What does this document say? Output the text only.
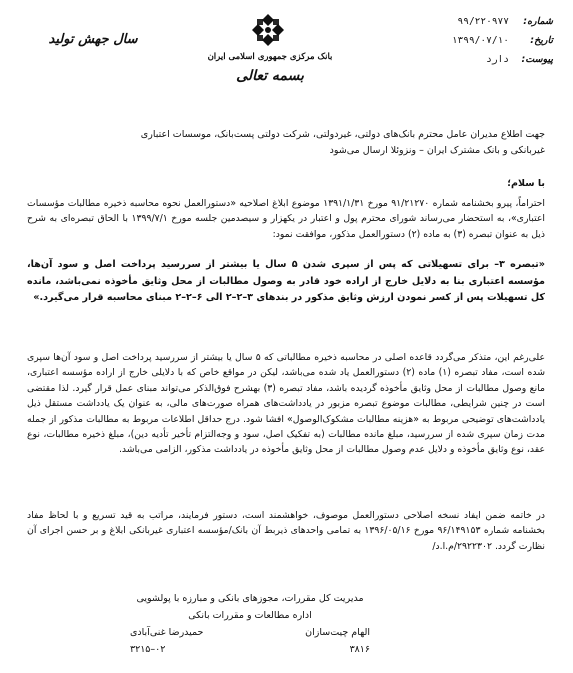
شماره:
۹۹/۲۲۰۹۷۷
تاریخ:
۱۳۹۹/۰۷/۱۰
پیوست:
دارد
بانک مرکزی جمهوری اسلامی ایران
بسمه تعالی
سال جهش تولید
جهت اطلاع مدیران عامل محترم بانک‌های دولتی، غیردولتی، شرکت دولتی پست‌بانک، موسسات اعتباری
غیربانکی و بانک مشترک ایران – ونزوئلا ارسال می‌شود
با سلام؛
احتراماً، پیرو بخشنامه شماره ۹۱/۲۱۲۷۰ مورخ ۱۳۹۱/۱/۳۱ موضوع ابلاغ اصلاحیه «دستورالعمل نحوه محاسبه ذخیره مطالبات مؤسسات اعتباری»، به استحضار می‌رساند شورای محترم پول و اعتبار در یکهزار و سیصدمین جلسه مورخ ۱۳۹۹/۷/۱ با الحاق تبصره‌ای به شرح ذیل به عنوان تبصره (۳) به ماده (۲) دستورالعمل مذکور، موافقت نمود:
«تبصره ۳– برای تسهیلاتی که پس از سپری شدن ۵ سال یا بیشتر از سررسید پرداخت اصل و سود آن‌ها، مؤسسه اعتباری بنا به دلایل خارج از اراده خود قادر به وصول مطالبات از محل وثایق مأخوذه نمی‌باشد، مانده کل تسهیلات پس از کسر نمودن ارزش وثایق مذکور در بندهای ۳–۲–۲ الی ۶–۲–۲ مبنای محاسبه قرار می‌گیرد.»
علی‌رغم این، متذکر می‌گردد قاعده اصلی در محاسبه ذخیره مطالباتی که ۵ سال یا بیشتر از سررسید پرداخت اصل و سود آن‌ها سپری شده است، مفاد تبصره (۱) ماده (۲) دستورالعمل یاد شده می‌باشد، لیکن در مواقع خاص که با دلایلی خارج از اراده مؤسسه اعتباری، مانع وصول مطالبات از محل وثایق مأخوذه گردیده باشد، مفاد تبصره (۳) بهشرح فوق‌الذکر می‌تواند مبنای عمل قرار گیرد. لذا مقتضی است در چنین شرایطی، مطالبات موضوع تبصره مزبور در یادداشت‌های همراه صورت‌های مالی، به عنوان یک یادداشت مستقل ذیل یادداشت‌های توضیحی مربوط به «هزینه مطالبات مشکوک‌الوصول» افشا شود. درج حداقل اطلاعات مربوط به مطالبات مذکور از جمله مدت زمان سپری شده از سررسید، مبلغ مانده مطالبات (به تفکیک اصل، سود و وجه‌التزام تأخیر تأدیه دین)، مبلغ ذخیره مطالبات، نوع عقد، نوع وثایق مأخوذه و دلایل عدم وصول مطالبات از محل وثایق مأخوذه در یادداشت مذکور، الزامی می‌باشد.
در خاتمه ضمن ایفاد نسخه اصلاحی دستورالعمل موصوف، خواهشمند است، دستور فرمایند، مراتب به قید تسریع و با لحاظ مفاد بخشنامه شماره ۹۶/۱۴۹۱۵۳ مورخ ۱۳۹۶/۰۵/۱۶ به تمامی واحدهای ذیربط آن بانک/مؤسسه اعتباری غیربانکی ابلاغ و بر حسن اجرای آن نظارت گردد. ۲۹۲۲۳۰۲/م.ا.د/
مدیریت کل مقررات، مجوزهای بانکی و مبارزه با پولشویی
اداره مطالعات و مقررات بانکی
الهام چیت‌سازان
حمیدرضا غنی‌آبادی
۳۸۱۶
۰۲–۳۲۱۵
